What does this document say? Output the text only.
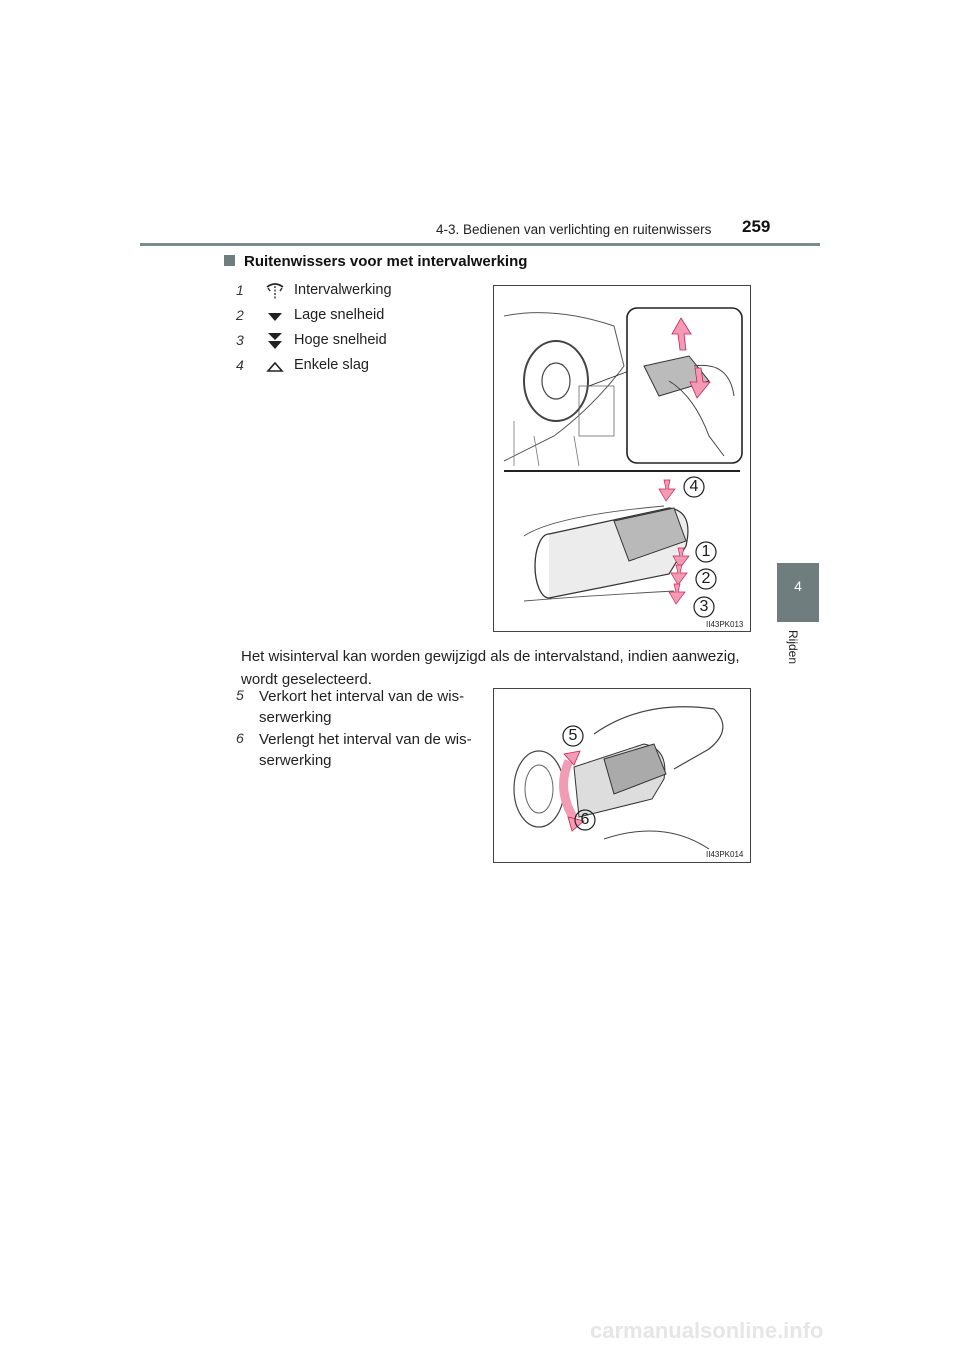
4-3. Bedienen van verlichting en ruitenwissers 259
4
Rijden
Ruitenwissers voor met intervalwerking
1	Intervalwerking
2	Lage snelheid
3	Hoge snelheid
4	Enkele slag
4
1
2
3
II43PK013
Het wisinterval kan worden gewijzigd als de intervalstand, indien aanwezig, wordt geselecteerd.
5	Verkort het interval van de wis-
serwerking
6	Verlengt het interval van de wis-
serwerking
5
6
II43PK014
carmanualsonline.info
